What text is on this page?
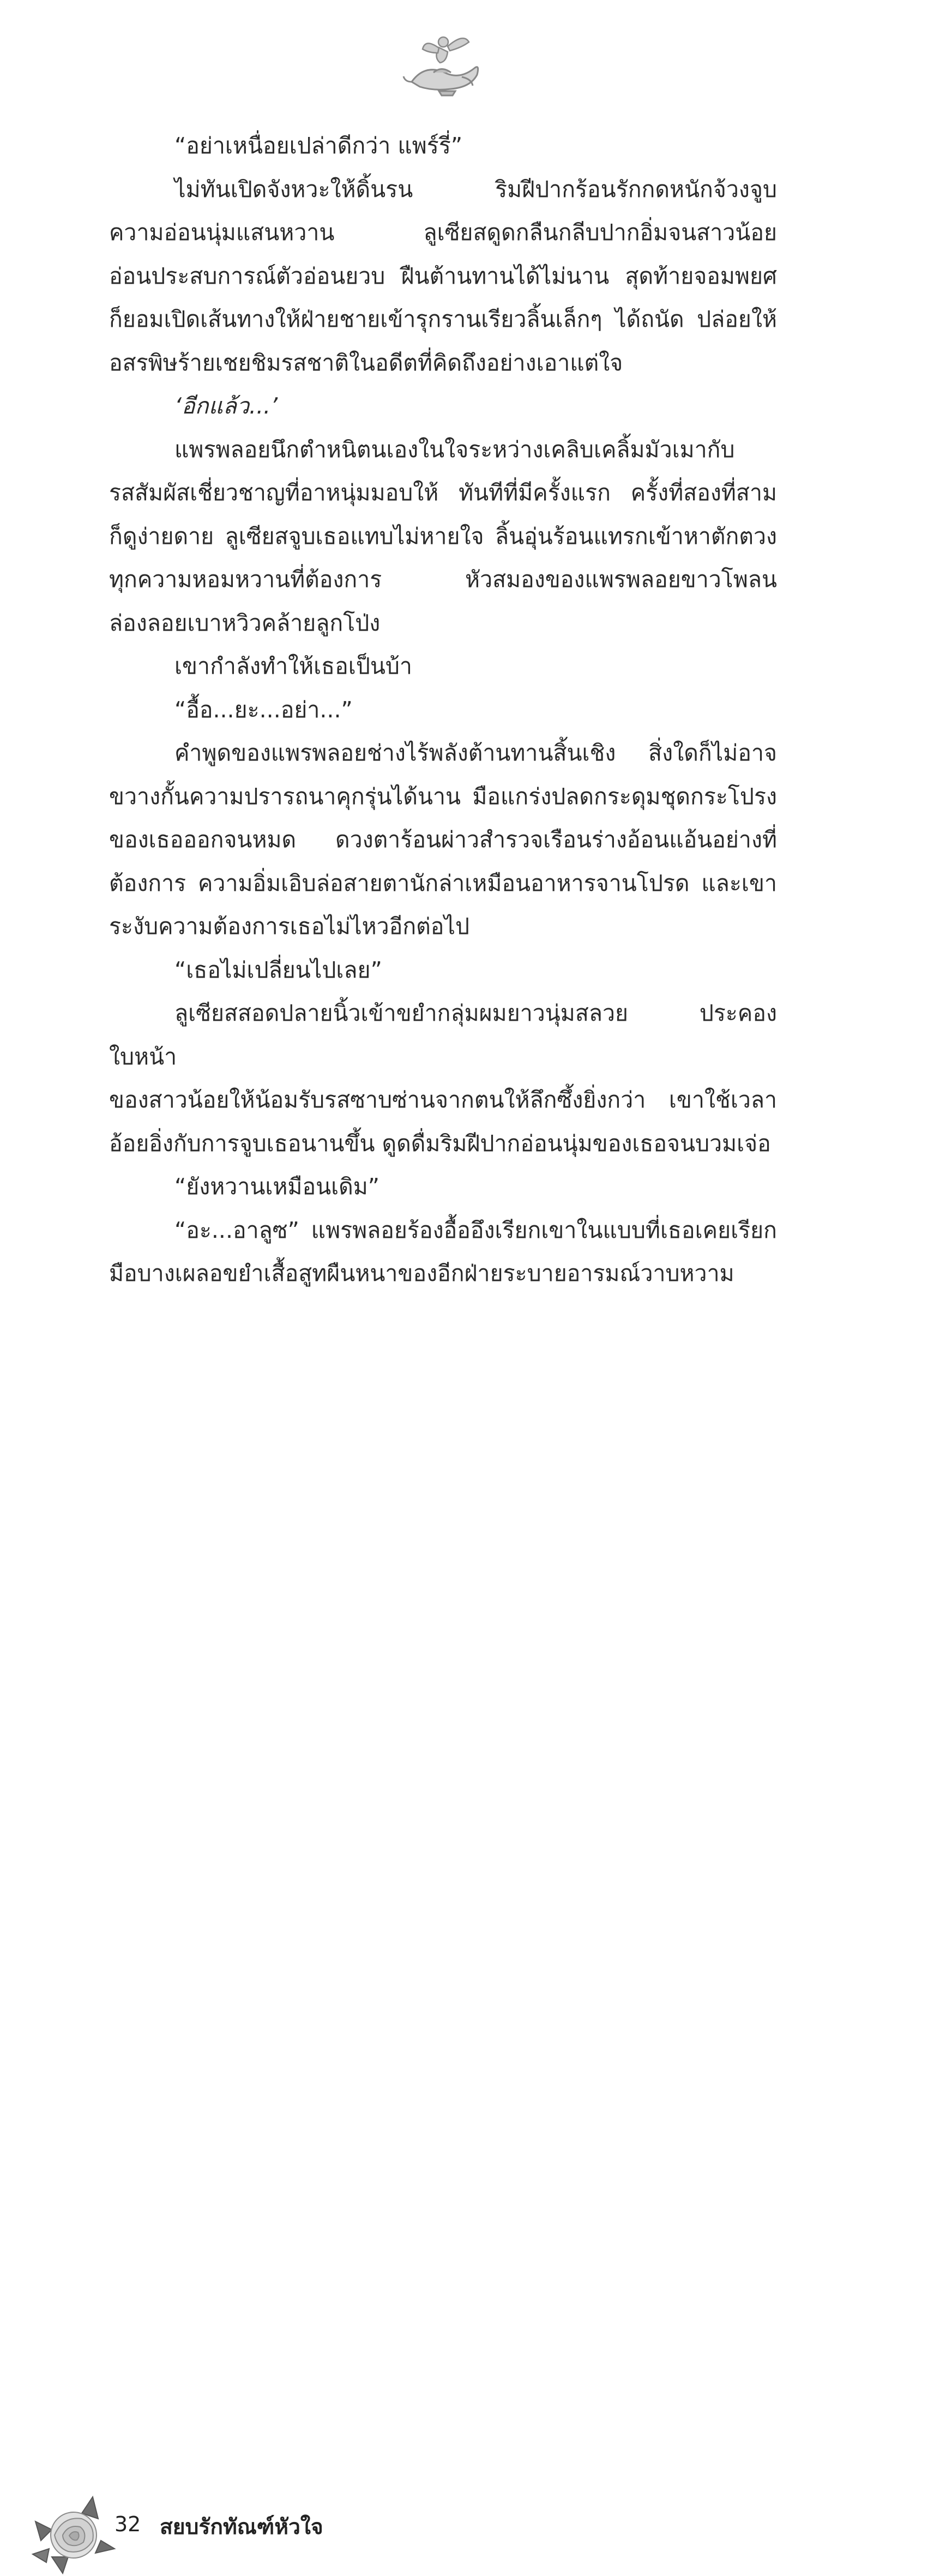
“อย่าเหนื่อยเปล่าดีกว่า แพร์รี่”
ไม่ทันเปิดจังหวะให้ดิ้นรน ริมฝีปากร้อนรักกดหนักจ้วงจูบ
ความอ่อนนุ่มแสนหวาน ลูเซียสดูดกลืนกลีบปากอิ่มจนสาวน้อย
อ่อนประสบการณ์ตัวอ่อนยวบ ฝืนต้านทานได้ไม่นาน สุดท้ายจอมพยศ
ก็ยอมเปิดเส้นทางให้ฝ่ายชายเข้ารุกรานเรียวลิ้นเล็กๆ ได้ถนัด ปล่อยให้
อสรพิษร้ายเชยชิมรสชาติในอดีตที่คิดถึงอย่างเอาแต่ใจ
‘อีกแล้ว...’
แพรพลอยนึกตำหนิตนเองในใจระหว่างเคลิบเคลิ้มมัวเมากับ
รสสัมผัสเชี่ยวชาญที่อาหนุ่มมอบให้ ทันทีที่มีครั้งแรก ครั้งที่สองที่สาม
ก็ดูง่ายดาย ลูเซียสจูบเธอแทบไม่หายใจ ลิ้นอุ่นร้อนแทรกเข้าหาตักตวง
ทุกความหอมหวานที่ต้องการ หัวสมองของแพรพลอยขาวโพลน
ล่องลอยเบาหวิวคล้ายลูกโป่ง
เขากำลังทำให้เธอเป็นบ้า
“อื้อ...ยะ...อย่า...”
คำพูดของแพรพลอยช่างไร้พลังต้านทานสิ้นเชิง สิ่งใดก็ไม่อาจ
ขวางกั้นความปรารถนาคุกรุ่นได้นาน มือแกร่งปลดกระดุมชุดกระโปรง
ของเธอออกจนหมด ดวงตาร้อนผ่าวสำรวจเรือนร่างอ้อนแอ้นอย่างที่
ต้องการ ความอิ่มเอิบล่อสายตานักล่าเหมือนอาหารจานโปรด และเขา
ระงับความต้องการเธอไม่ไหวอีกต่อไป
“เธอไม่เปลี่ยนไปเลย”
ลูเซียสสอดปลายนิ้วเข้าขยำกลุ่มผมยาวนุ่มสลวย ประคองใบหน้า
ของสาวน้อยให้น้อมรับรสซาบซ่านจากตนให้ลึกซึ้งยิ่งกว่า เขาใช้เวลา
อ้อยอิ่งกับการจูบเธอนานขึ้น ดูดดื่มริมฝีปากอ่อนนุ่มของเธอจนบวมเจ่อ
“ยังหวานเหมือนเดิม”
“อะ...อาลูซ” แพรพลอยร้องอื้ออึงเรียกเขาในแบบที่เธอเคยเรียก
มือบางเผลอขยำเสื้อสูทผืนหนาของอีกฝ่ายระบายอารมณ์วาบหวาม
32 สยบรักทัณฑ์หัวใจ
